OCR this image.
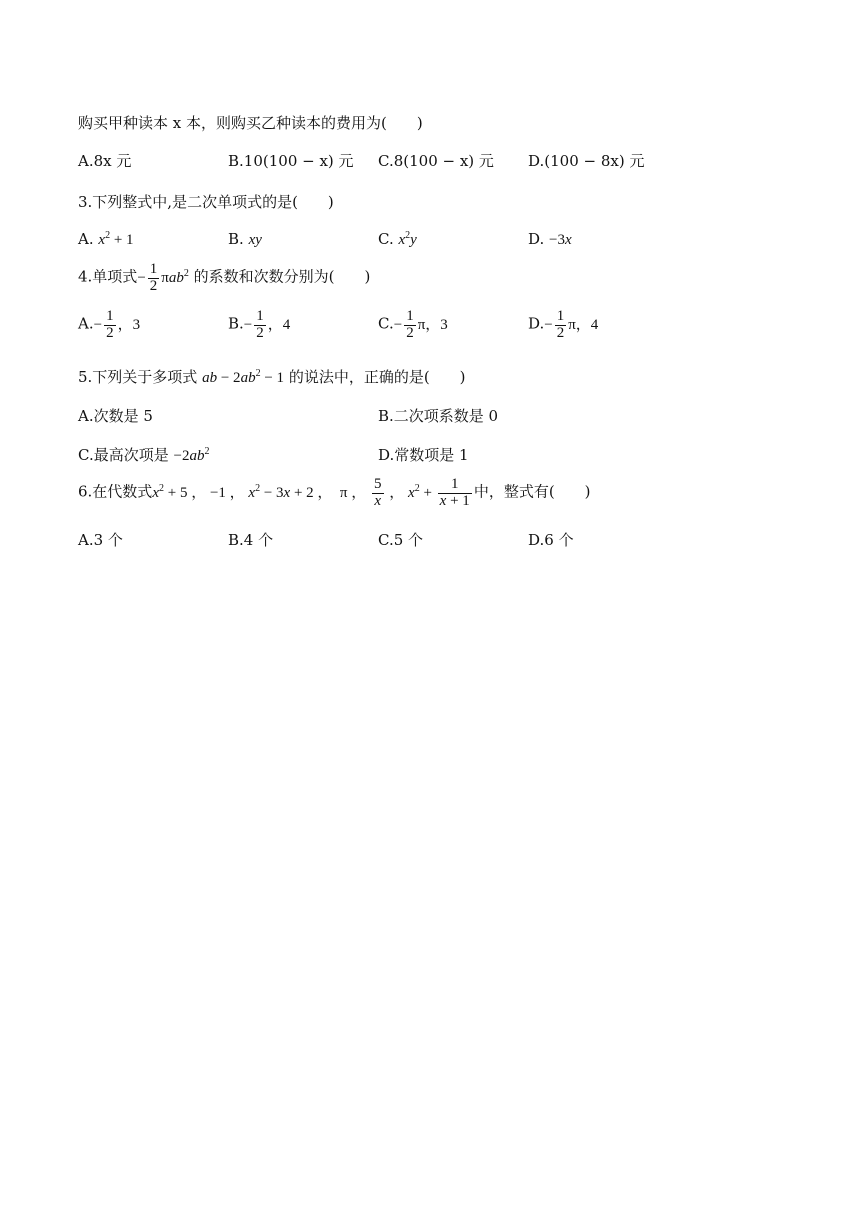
购买甲种读本 x 本，则购买乙种读本的费用为(　　)
A.8x 元	B.10(100 − x) 元 C.8(100 − x) 元 D.(100 − 8x) 元
3.下列整式中,是二次单项式的是(　　)
A. $x^2 + 1$	B. xy	C. $x^2y$	D. −3x
4.单项式− $\frac{1}{2} \pi ab^2$ 的系数和次数分别为(　　)
$A.- \frac{1}{2}$ ，3	$B.- \frac{1}{2}$ ，4	$C.- \frac{1}{2}$ π，3	$D.- \frac{1}{2}$ π，4
5.下列关于多项式 ab − $2ab^2 - 1$ 的说法中，正确的是(　　)
A.次数是 5	B.二次项系数是 0
C.最高次项是 $-2ab^2$	D.常数项是 1
6.在代数式$x^2 + 5$ ， −1 ， $x^2 - 3x + 2$ ，  π ， $\frac{5}{x}$ ， $x^2 + \frac{1}{x + 1}$ 中，整式有(　　)
A.3 个	B.4 个	C.5 个	D.6 个
